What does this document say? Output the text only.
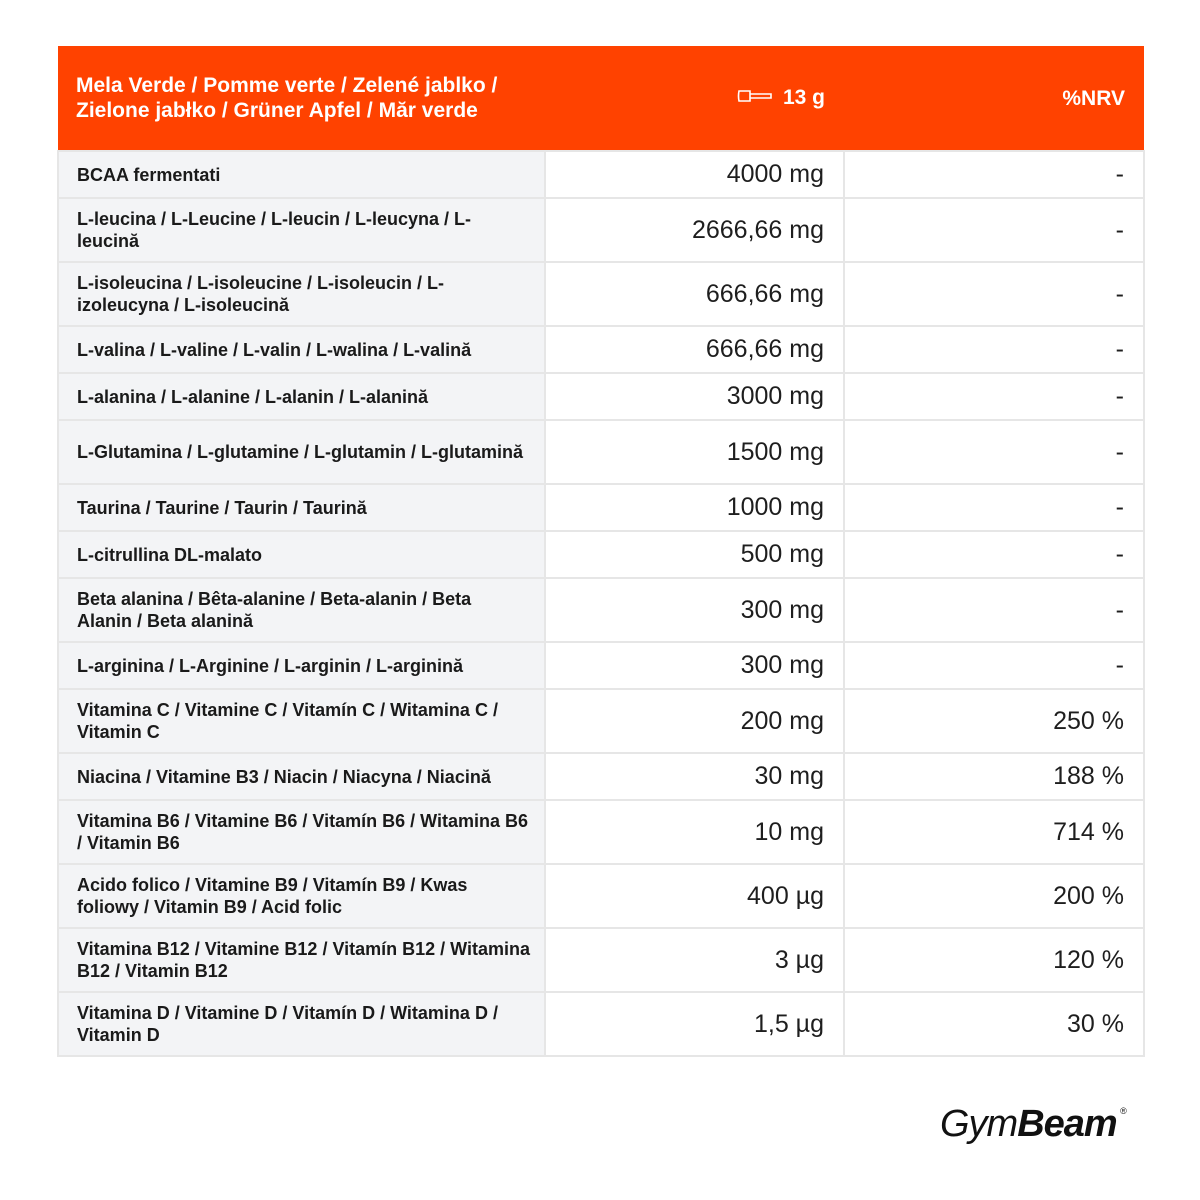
Mela Verde / Pomme verte / Zelené jablko / Zielone jabłko / Grüner Apfel / Măr verde	13 g	%NRV
BCAA fermentati	4000 mg	-
L-leucina / L-Leucine / L-leucin / L-leucyna / L-leucină	2666,66 mg	-
L-isoleucina / L-isoleucine / L-isoleucin / L-izoleucyna / L-isoleucină	666,66 mg	-
L-valina / L-valine / L-valin / L-walina / L-valină	666,66 mg	-
L-alanina / L-alanine / L-alanin / L-alanină	3000 mg	-
L-Glutamina / L-glutamine / L-glutamin / L-glutamină	1500 mg	-
Taurina / Taurine / Taurin / Taurină	1000 mg	-
L-citrullina DL-malato	500 mg	-
Beta alanina / Bêta-alanine / Beta-alanin / Beta Alanin / Beta alanină	300 mg	-
L-arginina / L-Arginine / L-arginin / L-arginină	300 mg	-
Vitamina C / Vitamine C / Vitamín C / Witamina C / Vitamin C	200 mg	250 %
Niacina / Vitamine B3 / Niacin / Niacyna / Niacină	30 mg	188 %
Vitamina B6 / Vitamine B6 / Vitamín B6 / Witamina B6 / Vitamin B6	10 mg	714 %
Acido folico / Vitamine B9 / Vitamín B9 / Kwas foliowy / Vitamin B9 / Acid folic	400 µg	200 %
Vitamina B12 / Vitamine B12 / Vitamín B12 / Witamina B12 / Vitamin B12	3 µg	120 %
Vitamina D / Vitamine D / Vitamín D / Witamina D / Vitamin D	1,5 µg	30 %
GymBeam ®
